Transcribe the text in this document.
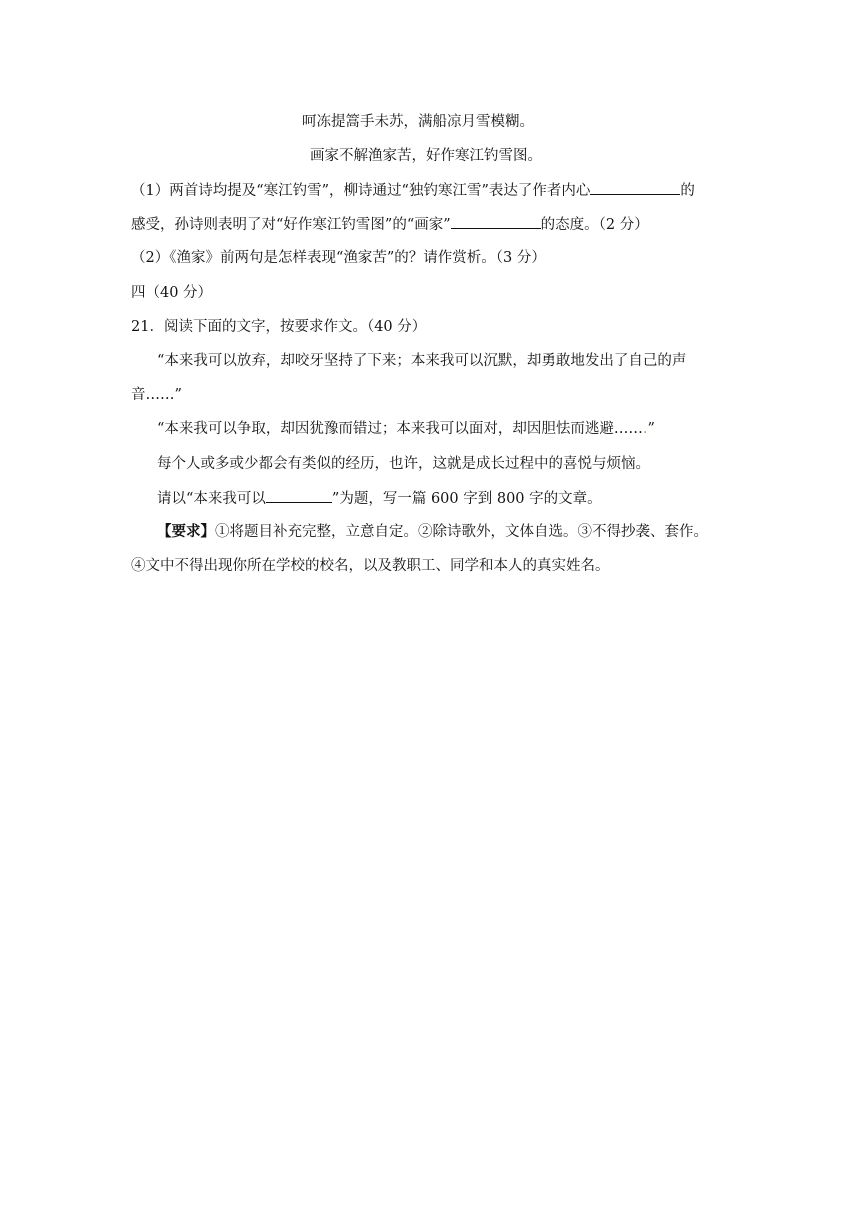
呵冻提篙手未苏，满船凉月雪模糊。
画家不解渔家苦，好作寒江钓雪图。
（1）两首诗均提及“寒江钓雪”，柳诗通过“独钓寒江雪”表达了作者内心	的
感受，孙诗则表明了对“好作寒江钓雪图”的“画家”	的态度。（2 分）
（2）《渔家》前两句是怎样表现“渔家苦”的？请作赏析。（3 分）
四（40 分）
21．阅读下面的文字，按要求作文。（40 分）
“本来我可以放弃，却咬牙坚持了下来；本来我可以沉默，却勇敢地发出了自己的声
音……”
“本来我可以争取，却因犹豫而错过；本来我可以面对，却因胆怯而逃避…….”
每个人或多或少都会有类似的经历，也许，这就是成长过程中的喜悦与烦恼。
请以“本来我可以	”为题，写一篇 600 字到 800 字的文章。
【要求】①将题目补充完整，立意自定。②除诗歌外，文体自选。③不得抄袭、套作。
④文中不得出现你所在学校的校名，以及教职工、同学和本人的真实姓名。
